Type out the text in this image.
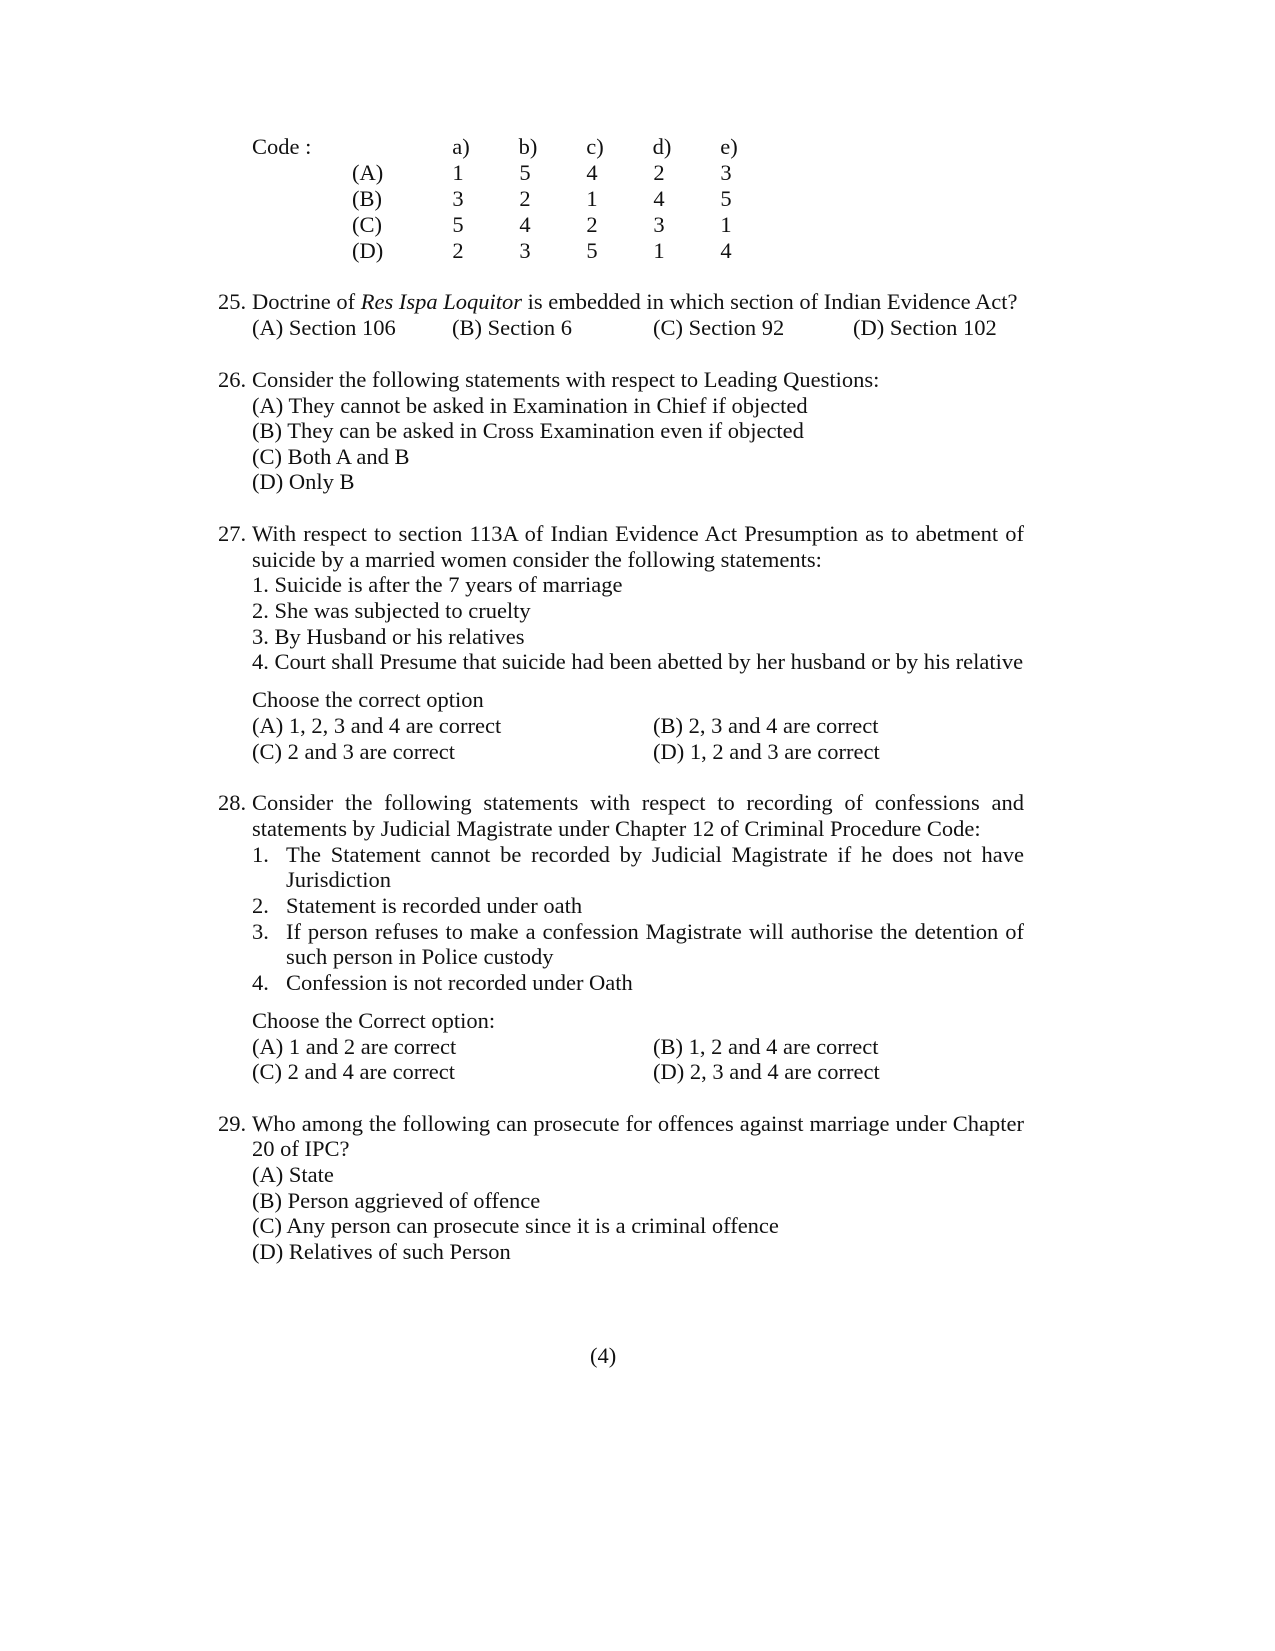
Code :	a) b) c) d) e)
(A)	1	5	4	2	3
(B)	3	2	1	4	5
(C)	5	4	2	3	1
(D)	2	3	5	1	4
25. Doctrine of Res Ispa Loquitor is embedded in which section of Indian Evidence Act?
(A) Section 106	(B) Section 6	(C) Section 92	(D) Section 102
26. Consider the following statements with respect to Leading Questions:
(A) They cannot be asked in Examination in Chief if objected
(B) They can be asked in Cross Examination even if objected
(C) Both A and B
(D) Only B
27. With respect to section 113A of Indian Evidence Act Presumption as to abetment of
suicide by a married women consider the following statements:
1. Suicide is after the 7 years of marriage
2. She was subjected to cruelty
3. By Husband or his relatives
4. Court shall Presume that suicide had been abetted by her husband or by his relative
Choose the correct option
(A) 1, 2, 3 and 4 are correct	(B) 2, 3 and 4 are correct
(C) 2 and 3 are correct	(D) 1, 2 and 3 are correct
28. Consider the following statements with respect to recording of confessions and
statements by Judicial Magistrate under Chapter 12 of Criminal Procedure Code:
1. The Statement cannot be recorded by Judicial Magistrate if he does not have
Jurisdiction
2. Statement is recorded under oath
3. If person refuses to make a confession Magistrate will authorise the detention of
such person in Police custody
4. Confession is not recorded under Oath
Choose the Correct option:
(A) 1 and 2 are correct	(B) 1, 2 and 4 are correct
(C) 2 and 4 are correct	(D) 2, 3 and 4 are correct
29. Who among the following can prosecute for offences against marriage under Chapter
20 of IPC?
(A) State
(B) Person aggrieved of offence
(C) Any person can prosecute since it is a criminal offence
(D) Relatives of such Person
(4)
